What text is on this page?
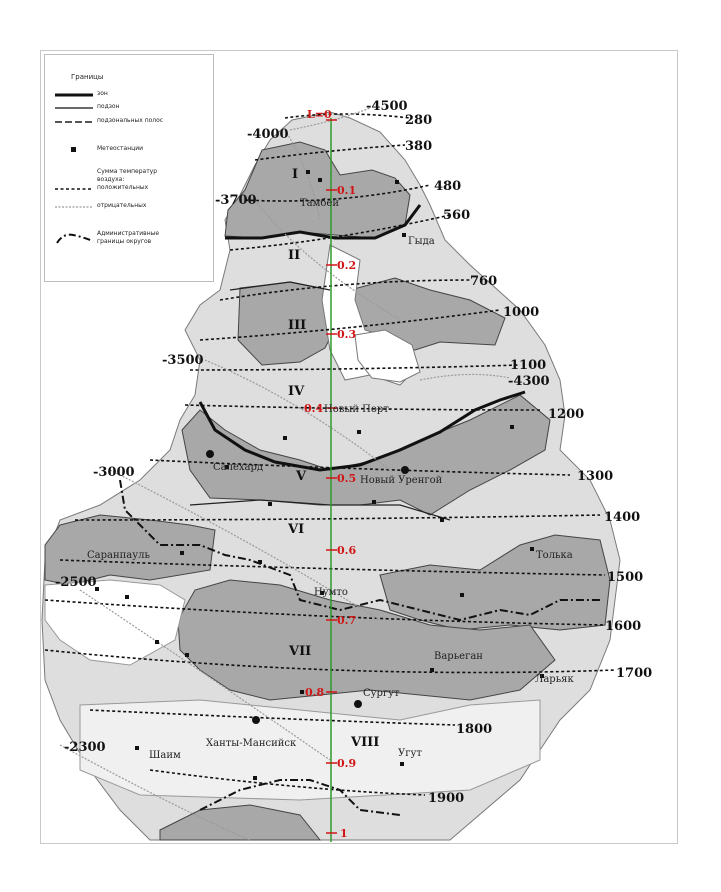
L=0
0.1
0.2
0.3
0.4
0.5
0.6
0.7
0.8
0.9
1
280
380
480
560
760
1000
1100
1200
1300
1400
1500
1600
1700
1800
1900
-4500
-4000
-3700
-3500
-4300
-3000
-2500
-2300
I
II
III
IV
V
VI
VII
VIII
Тамбей
Гыда
Новый Порт
Салехард
Новый Уренгой
Толька
Саранпауль
Нумто
Варьеган
Сургут
Ларьяк
Ханты-Мансийск
Шаим	Угут
Границы
зон
подзон
подзональных полос
Метеостанции
Сумма температур
воздуха:
положительных
отрицательных
Административные
границы округов
